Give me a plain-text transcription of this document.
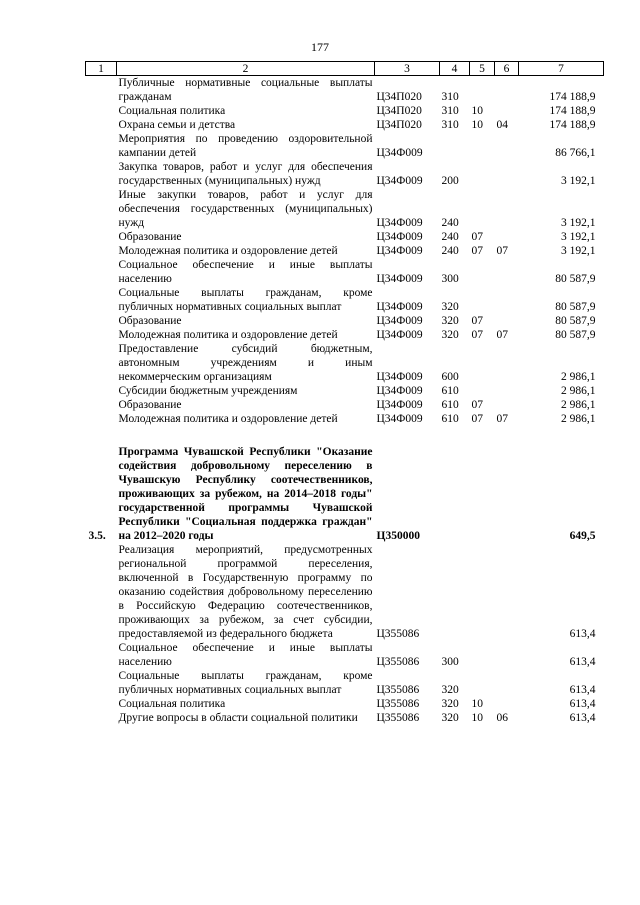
177
1	2	3	4	5	6	7
	Публичные нормативные социальные выплаты гражданам	Ц34П020	310			174 188,9
	Социальная политика	Ц34П020	310	10		174 188,9
	Охрана семьи и детства	Ц34П020	310	10	04	174 188,9
	Мероприятия по проведению оздоровительной кампании детей	Ц34Ф009				86 766,1
	Закупка товаров, работ и услуг для обеспечения государственных (муниципальных) нужд	Ц34Ф009	200			3 192,1
	Иные закупки товаров, работ и услуг для обеспечения государственных (муниципальных) нужд	Ц34Ф009	240			3 192,1
	Образование	Ц34Ф009	240	07		3 192,1
	Молодежная политика и оздоровление детей	Ц34Ф009	240	07	07	3 192,1
	Социальное обеспечение и иные выплаты населению	Ц34Ф009	300			80 587,9
	Социальные выплаты гражданам, кроме публичных нормативных социальных выплат	Ц34Ф009	320			80 587,9
	Образование	Ц34Ф009	320	07		80 587,9
	Молодежная политика и оздоровление детей	Ц34Ф009	320	07	07	80 587,9
	Предоставление субсидий бюджетным, автономным учреждениям и иным некоммерческим организациям	Ц34Ф009	600			2 986,1
	Субсидии бюджетным учреждениям	Ц34Ф009	610			2 986,1
	Образование	Ц34Ф009	610	07		2 986,1
	Молодежная политика и оздоровление детей	Ц34Ф009	610	07	07	2 986,1

3.5.	Программа Чувашской Республики "Оказание содействия добровольному переселению в Чувашскую Республику соотечественников, проживающих за рубежом, на 2014–2018 годы" государственной программы Чувашской Республики "Социальная поддержка граждан" на 2012–2020 годы	Ц350000				649,5
	Реализация мероприятий, предусмотренных региональной программой переселения, включенной в Государственную программу по оказанию содействия добровольному переселению в Российскую Федерацию соотечественников, проживающих за рубежом, за счет субсидии, предоставляемой из федерального бюджета	Ц355086				613,4
	Социальное обеспечение и иные выплаты населению	Ц355086	300			613,4
	Социальные выплаты гражданам, кроме публичных нормативных социальных выплат	Ц355086	320			613,4
	Социальная политика	Ц355086	320	10		613,4
	Другие вопросы в области социальной политики	Ц355086	320	10	06	613,4
